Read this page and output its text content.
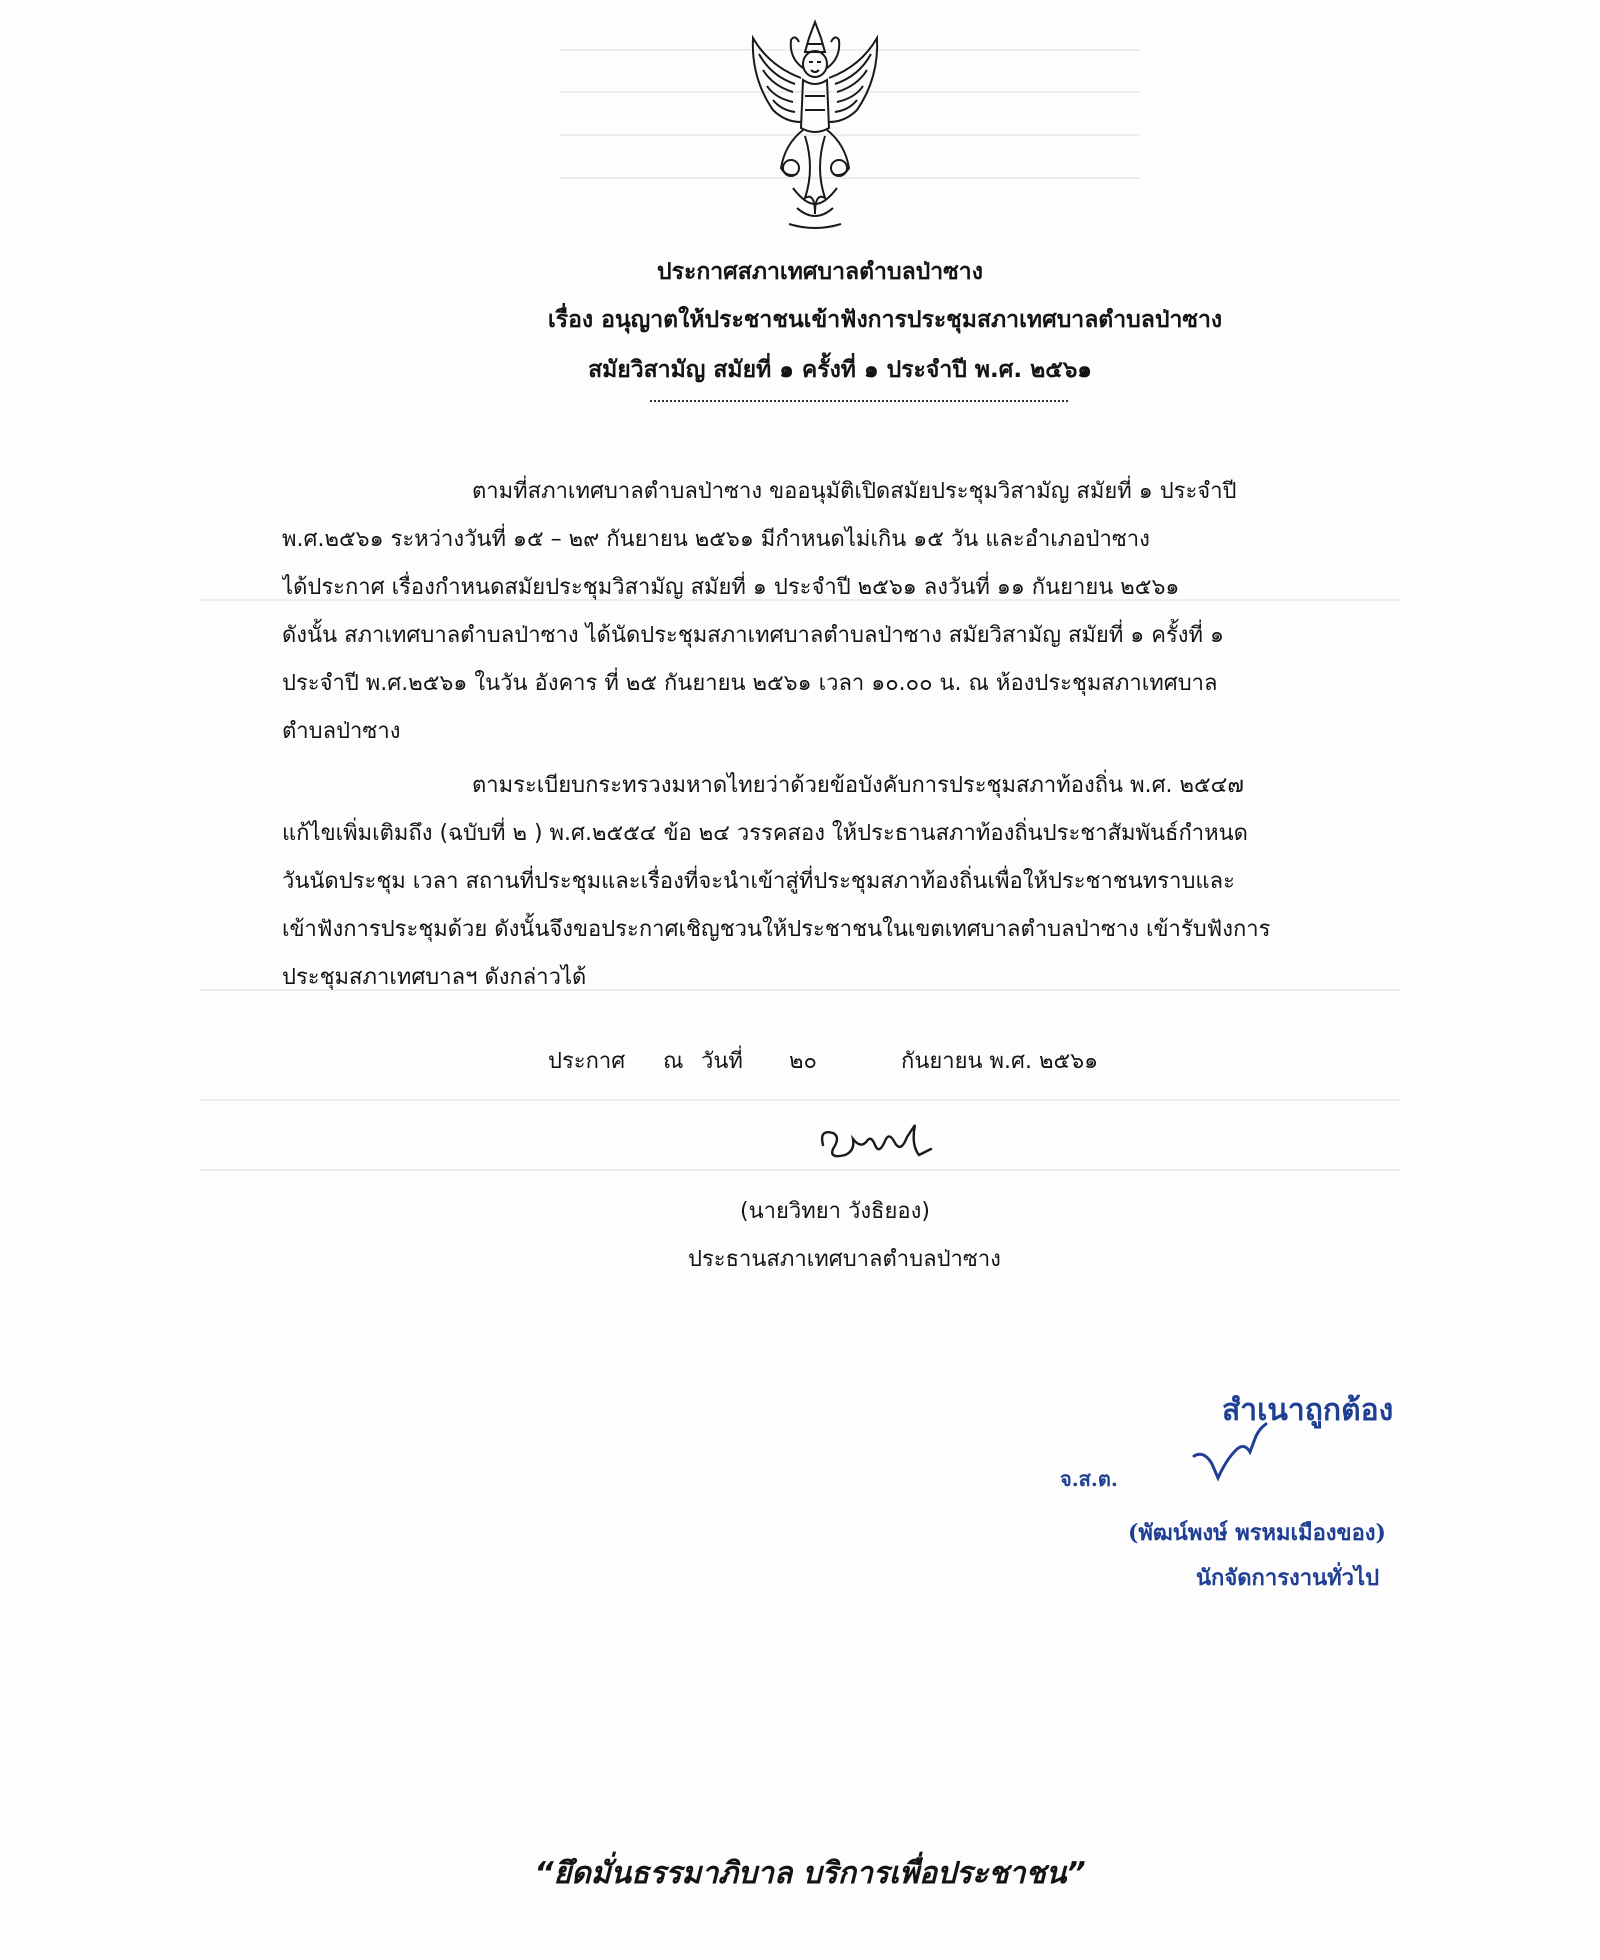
ประกาศสภาเทศบาลตำบลป่าซาง
เรื่อง อนุญาตให้ประชาชนเข้าฟังการประชุมสภาเทศบาลตำบลป่าซาง
สมัยวิสามัญ สมัยที่ ๑ ครั้งที่ ๑ ประจำปี พ.ศ. ๒๕๖๑
ตามที่สภาเทศบาลตำบลป่าซาง ขออนุมัติเปิดสมัยประชุมวิสามัญ สมัยที่ ๑ ประจำปี
พ.ศ.๒๕๖๑ ระหว่างวันที่ ๑๕ – ๒๙ กันยายน ๒๕๖๑ มีกำหนดไม่เกิน ๑๕ วัน และอำเภอป่าซาง
ได้ประกาศ เรื่องกำหนดสมัยประชุมวิสามัญ สมัยที่ ๑ ประจำปี ๒๕๖๑ ลงวันที่ ๑๑ กันยายน ๒๕๖๑
ดังนั้น สภาเทศบาลตำบลป่าซาง ได้นัดประชุมสภาเทศบาลตำบลป่าซาง สมัยวิสามัญ สมัยที่ ๑ ครั้งที่ ๑
ประจำปี พ.ศ.๒๕๖๑ ในวัน อังคาร ที่ ๒๕ กันยายน ๒๕๖๑ เวลา ๑๐.๐๐ น. ณ ห้องประชุมสภาเทศบาล
ตำบลป่าซาง
ตามระเบียบกระทรวงมหาดไทยว่าด้วยข้อบังคับการประชุมสภาท้องถิ่น พ.ศ. ๒๕๔๗
แก้ไขเพิ่มเติมถึง (ฉบับที่ ๒ ) พ.ศ.๒๕๕๔ ข้อ ๒๔ วรรคสอง ให้ประธานสภาท้องถิ่นประชาสัมพันธ์กำหนด
วันนัดประชุม เวลา สถานที่ประชุมและเรื่องที่จะนำเข้าสู่ที่ประชุมสภาท้องถิ่นเพื่อให้ประชาชนทราบและ
เข้าฟังการประชุมด้วย ดังนั้นจึงขอประกาศเชิญชวนให้ประชาชนในเขตเทศบาลตำบลป่าซาง เข้ารับฟังการ
ประชุมสภาเทศบาลฯ ดังกล่าวได้
ประกาศ ณ วันที่ ๒๐	กันยายน พ.ศ. ๒๕๖๑
(นายวิทยา วังธิยอง)
ประธานสภาเทศบาลตำบลป่าซาง
สำเนาถูกต้อง
จ.ส.ต.
(พัฒน์พงษ์ พรหมเมืองของ)
นักจัดการงานทั่วไป
“ยึดมั่นธรรมาภิบาล บริการเพื่อประชาชน”
